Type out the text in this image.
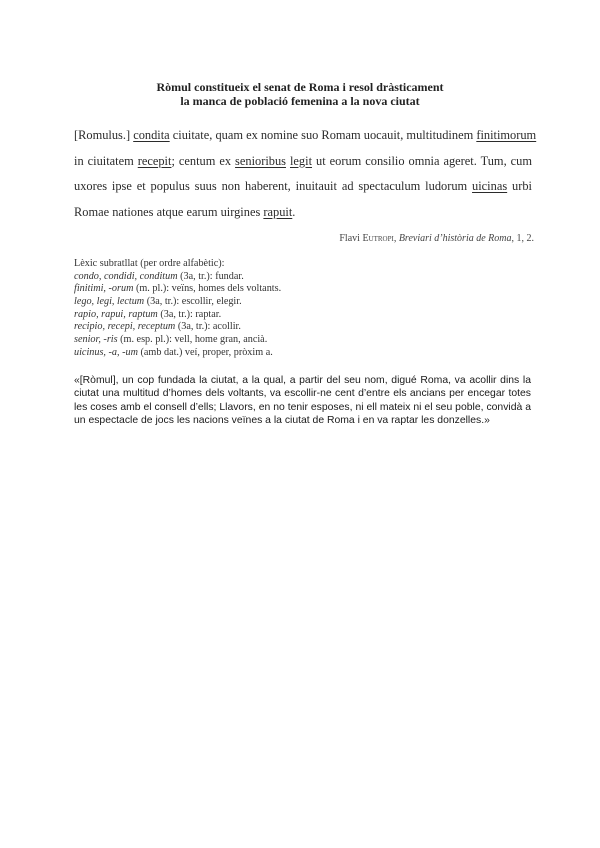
Ròmul constitueix el senat de Roma i resol dràsticament
la manca de població femenina a la nova ciutat
[Romulus.] condita ciuitate, quam ex nomine suo Romam uocauit, multitudinem finitimorum
in ciuitatem recepit; centum ex senioribus legit ut eorum consilio omnia ageret. Tum, cum
uxores ipse et populus suus non haberent, inuitauit ad spectaculum ludorum uicinas urbi
Romae nationes atque earum uirgines rapuit.
Flavi Eutropi, Breviari d’història de Roma, 1, 2.
Lèxic subratllat (per ordre alfabètic):
condo, condidi, conditum (3a, tr.): fundar.
finitimi, -orum (m. pl.): veïns, homes dels voltants.
lego, legi, lectum (3a, tr.): escollir, elegir.
rapio, rapui, raptum (3a, tr.): raptar.
recipio, recepi, receptum (3a, tr.): acollir.
senior, -ris (m. esp. pl.): vell, home gran, ancià.
uicinus, -a, -um (amb dat.) veí, proper, pròxim a.
«[Ròmul], un cop fundada la ciutat, a la qual, a partir del seu nom, digué Roma, va acollir dins la ciutat una multitud d’homes dels voltants, va escollir-ne cent d’entre els ancians per encegar totes les coses amb el consell d’ells; Llavors, en no tenir esposes, ni ell mateix ni el seu poble, convidà a un espectacle de jocs les nacions veïnes a la ciutat de Roma i en va raptar les donzelles.»
